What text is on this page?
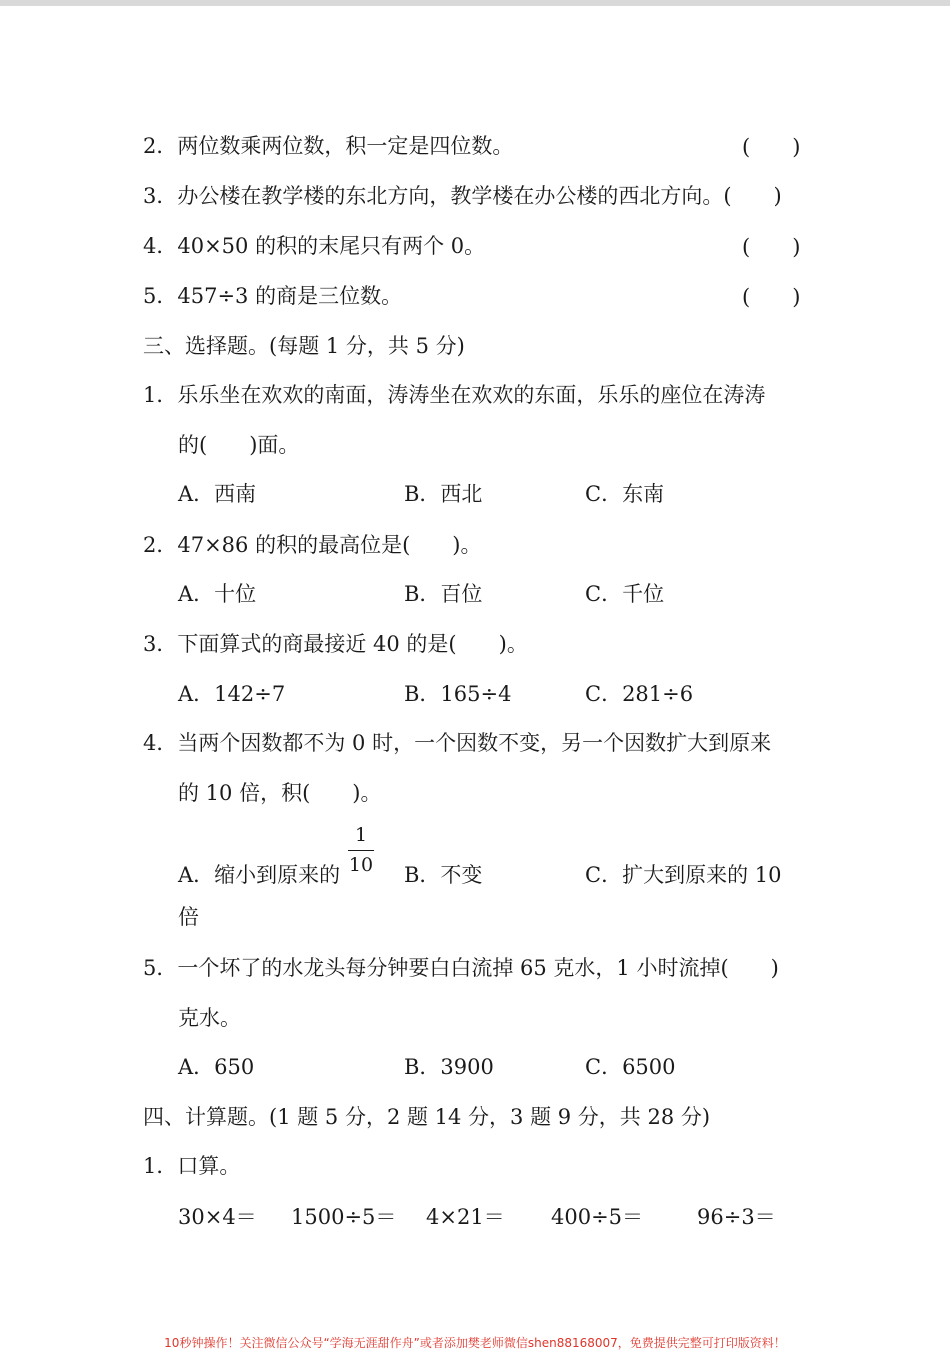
2．两位数乘两位数，积一定是四位数。	(　　)
3．办公楼在教学楼的东北方向，教学楼在办公楼的西北方向。(　　)
4．40×50 的积的末尾只有两个 0。	(　　)
5．457÷3 的商是三位数。	(　　)
三、选择题。(每题 1 分，共 5 分)
1．乐乐坐在欢欢的南面，涛涛坐在欢欢的东面，乐乐的座位在涛涛
的(　　)面。
A．西南	B．西北	C．东南
2．47×86 的积的最高位是(　　)。
A．十位	B．百位	C．千位
3．下面算式的商最接近 40 的是(　　)。
A．142÷7	B．165÷4	C．281÷6
4．当两个因数都不为 0 时，一个因数不变，另一个因数扩大到原来
的 10 倍，积(　　)。
A．缩小到原来的
1
10 B．不变	C．扩大到原来的 10
倍
5．一个坏了的水龙头每分钟要白白流掉 65 克水，1 小时流掉(　　)
克水。
A．650	B．3900	C．6500
四、计算题。(1 题 5 分，2 题 14 分，3 题 9 分，共 28 分)
1．口算。
30×4＝ 1500÷5＝ 4×21＝ 400÷5＝	96÷3＝
10秒钟操作！关注微信公众号“学海无涯甜作舟”或者添加樊老师微信shen88168007，免费提供完整可打印版资料！
